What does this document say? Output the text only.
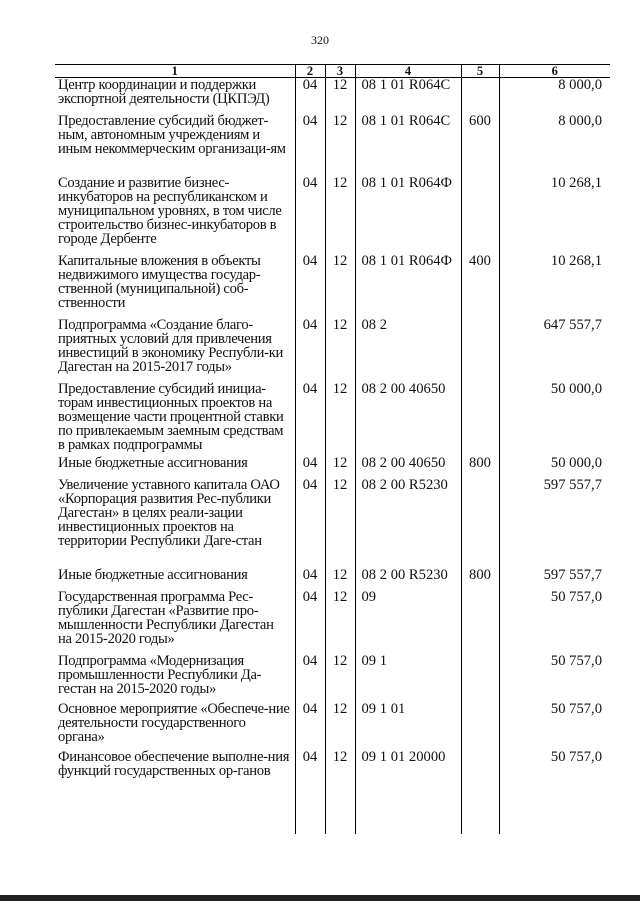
320
1	2	3	4	5	6
Центр координации и поддержки экспортной деятельности (ЦКПЭД)	04	12	08 1 01 R064C		8 000,0
Предоставление субсидий бюджет-ным, автономным учреждениям и иным некоммерческим организаци-ям	04	12	08 1 01 R064C	600	8 000,0
Создание и развитие бизнес-инкубаторов на республиканском и муниципальном уровнях, в том числе строительство бизнес-инкубаторов в городе Дербенте	04	12	08 1 01 R064Ф		10 268,1
Капитальные вложения в объекты недвижимого имущества государ-ственной (муниципальной) соб-ственности	04	12	08 1 01 R064Ф	400	10 268,1
Подпрограмма «Создание благо-приятных условий для привлечения инвестиций в экономику Республи-ки Дагестан на 2015-2017 годы»	04	12	08 2		647 557,7
Предоставление субсидий инициа-торам инвестиционных проектов на возмещение части процентной ставки по привлекаемым заемным средствам в рамках подпрограммы	04	12	08 2 00 40650		50 000,0
Иные бюджетные ассигнования	04	12	08 2 00 40650	800	50 000,0
Увеличение уставного капитала ОАО «Корпорация развития Рес-публики Дагестан» в целях реали-зации инвестиционных проектов на территории Республики Даге-стан	04	12	08 2 00 R5230		597 557,7
Иные бюджетные ассигнования	04	12	08 2 00 R5230	800	597 557,7
Государственная программа Рес-публики Дагестан «Развитие про-мышленности Республики Дагестан на 2015-2020 годы»	04	12	09		50 757,0
Подпрограмма «Модернизация промышленности Республики Да-гестан на 2015-2020 годы»	04	12	09 1		50 757,0
Основное мероприятие «Обеспече-ние деятельности государственного органа»	04	12	09 1 01		50 757,0
Финансовое обеспечение выполне-ния функций государственных ор-ганов	04	12	09 1 01 20000		50 757,0
